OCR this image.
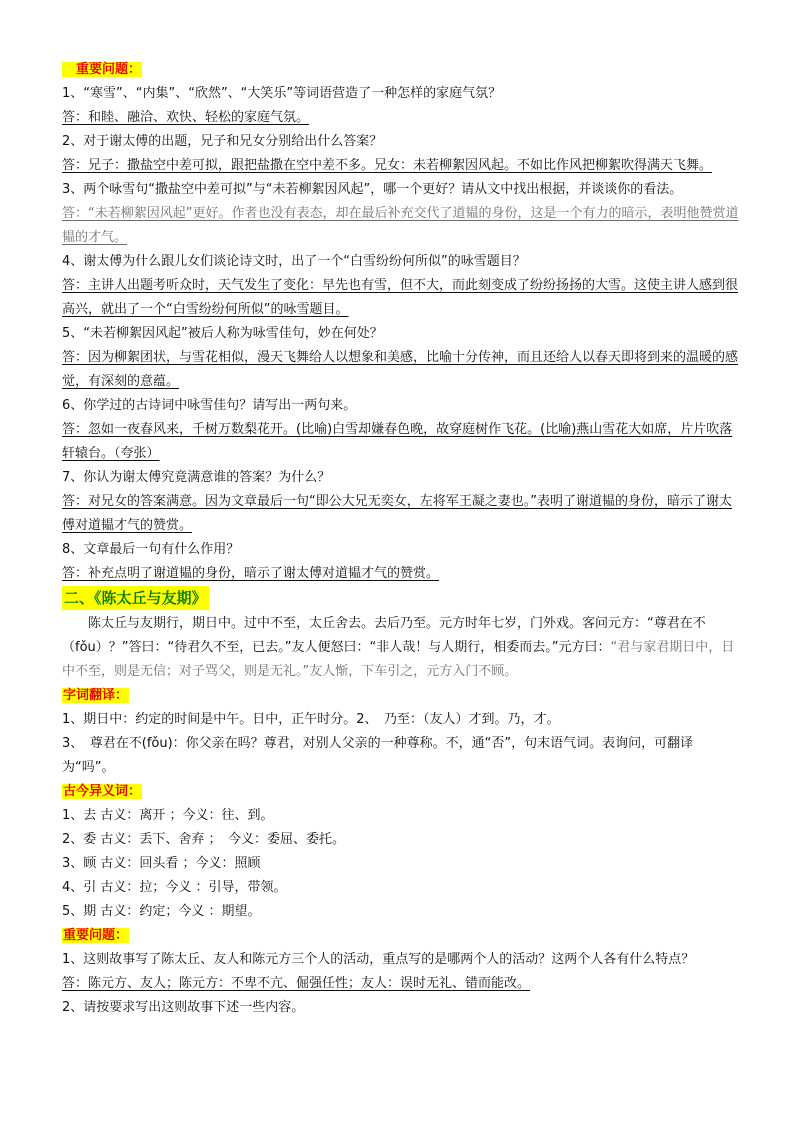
重要问题：

1、“寒雪”、“内集”、“欣然”、“大笑乐”等词语营造了一种怎样的家庭气氛？

答：和睦、融洽、欢快、轻松的家庭气氛。

2、对于谢太傅的出题，兄子和兄女分别给出什么答案？

答：兄子：撒盐空中差可拟，跟把盐撒在空中差不多。兄女：未若柳絮因风起。不如比作风把柳絮吹得满天飞舞。

3、两个咏雪句“撒盐空中差可拟”与“未若柳絮因风起”，哪一个更好？请从文中找出根据，并谈谈你的看法。

答：“未若柳絮因风起”更好。作者也没有表态，却在最后补充交代了道韫的身份，这是一个有力的暗示，表明他赞赏道韫的才气。

4、谢太傅为什么跟儿女们谈论诗文时，出了一个“白雪纷纷何所似”的咏雪题目？

答：主讲人出题考听众时，天气发生了变化：早先也有雪，但不大，而此刻变成了纷纷扬扬的大雪。这使主讲人感到很高兴，就出了一个“白雪纷纷何所似”的咏雪题目。

5、“未若柳絮因风起”被后人称为咏雪佳句，妙在何处？

答：因为柳絮团状，与雪花相似，漫天飞舞给人以想象和美感，比喻十分传神，而且还给人以春天即将到来的温暖的感觉，有深刻的意蕴。

6、你学过的古诗词中咏雪佳句？请写出一两句来。

答：忽如一夜春风来，千树万数梨花开。(比喻)白雪却嫌春色晚，故穿庭树作飞花。(比喻)燕山雪花大如席，片片吹落轩辕台。（夸张）

7、你认为谢太傅究竟满意谁的答案？为什么？

答：对兄女的答案满意。因为文章最后一句“即公大兄无奕女，左将军王凝之妻也。”表明了谢道韫的身份，暗示了谢太傅对道韫才气的赞赏。

8、文章最后一句有什么作用？

答：补充点明了谢道韫的身份，暗示了谢太傅对道韫才气的赞赏。

二、《陈太丘与友期》

陈太丘与友期行，期日中。过中不至，太丘舍去。去后乃至。元方时年七岁，门外戏。客问元方：“尊君在不（fǒu）？”答曰：“待君久不至，已去。”友人便怒曰：“非人哉！与人期行，相委而去。”元方曰：“君与家君期日中，日中不至，则是无信；对子骂父，则是无礼。”友人惭，下车引之，元方入门不顾。

字词翻译：

1、期日中：约定的时间是中午。日中，正午时分。2、　乃至：（友人）才到。乃，才。

3、　尊君在不(fǒu)：你父亲在吗？尊君，对别人父亲的一种尊称。不，通“否”，句末语气词。表询问，可翻译为“吗”。

古今异义词：

1、去 古义：离开 ；今义：往、到。

2、委 古义：丢下、舍弃 ；　今义：委屈、委托。

3、顾 古义：回头看 ；今义：照顾

4、引 古义：拉；今义 ：引导，带领。

5、期 古义：约定；今义 ：期望。

重要问题：

1、这则故事写了陈太丘、友人和陈元方三个人的活动，重点写的是哪两个人的活动？这两个人各有什么特点？

答：陈元方、友人；陈元方：不卑不亢、倔强任性；友人：误时无礼、错而能改。

2、请按要求写出这则故事下述一些内容。
